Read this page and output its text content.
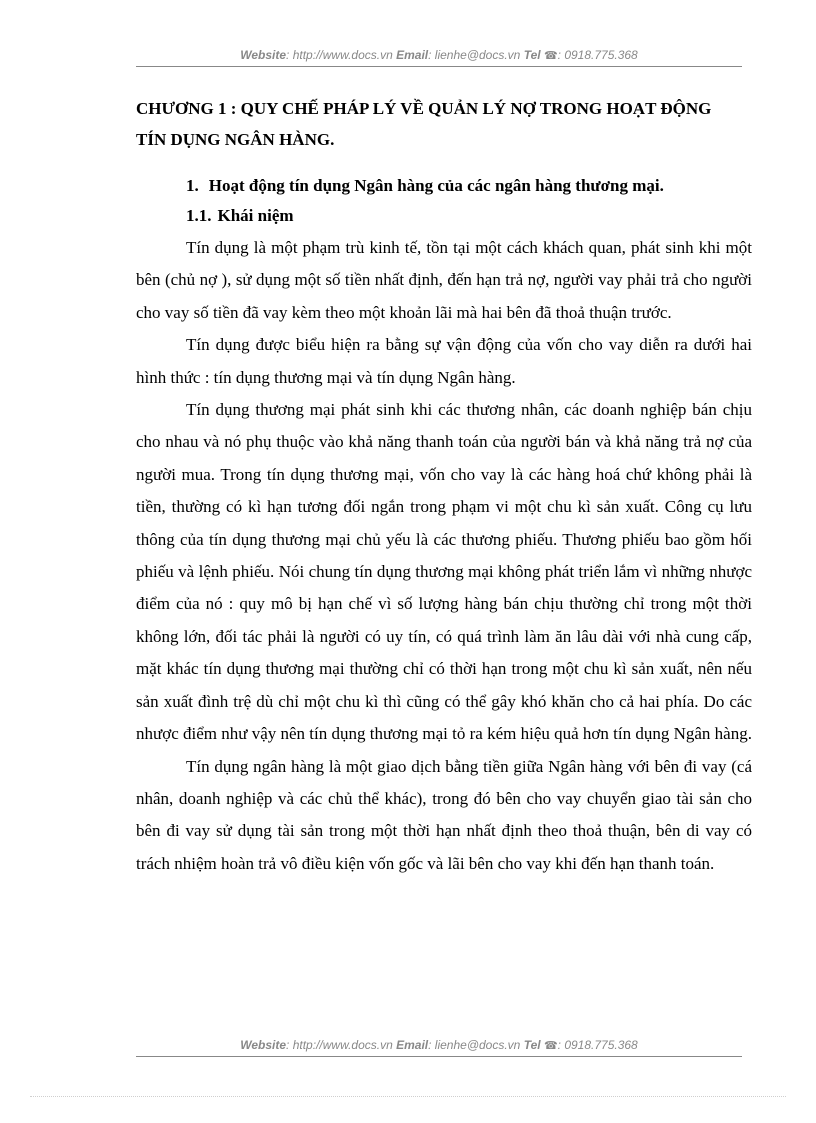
Website: http://www.docs.vn Email: lienhe@docs.vn Tel ☎: 0918.775.368
CHƯƠNG 1 : QUY CHẾ PHÁP LÝ VỀ QUẢN LÝ NỢ TRONG HOẠT ĐỘNG TÍN DỤNG NGÂN HÀNG.
1. Hoạt động tín dụng Ngân hàng của các ngân hàng thương mại.
1.1. Khái niệm

Tín dụng là một phạm trù kinh tế, tồn tại một cách khách quan, phát sinh khi một bên (chủ nợ ), sử dụng một số tiền nhất định, đến hạn trả nợ, người vay phải trả cho người cho vay số tiền đã vay kèm theo một khoản lãi mà hai bên đã thoả thuận trước.

Tín dụng được biểu hiện ra bằng sự vận động của vốn cho vay diễn ra dưới hai hình thức : tín dụng thương mại và tín dụng Ngân hàng.

Tín dụng thương mại phát sinh khi các thương nhân, các doanh nghiệp bán chịu cho nhau và nó phụ thuộc vào khả năng thanh toán của người bán và khả năng trả nợ của người mua. Trong tín dụng thương mại, vốn cho vay là các hàng hoá chứ không phải là tiền, thường có kì hạn tương đối ngắn trong phạm vi một chu kì sản xuất. Công cụ lưu thông của tín dụng thương mại chủ yếu là các thương phiếu. Thương phiếu bao gồm hối phiếu và lệnh phiếu. Nói chung tín dụng thương mại không phát triển lắm vì những nhược điểm của nó : quy mô bị hạn chế vì số lượng hàng bán chịu thường chỉ trong một thời không lớn, đối tác phải là người có uy tín, có quá trình làm ăn lâu dài với nhà cung cấp, mặt khác tín dụng thương mại thường chỉ có thời hạn trong một chu kì sản xuất, nên nếu sản xuất đình trệ dù chỉ một chu kì thì cũng có thể gây khó khăn cho cả hai phía. Do các nhược điểm như vậy nên tín dụng thương mại tỏ ra kém hiệu quả hơn tín dụng Ngân hàng.

Tín dụng ngân hàng là một giao dịch bằng tiền giữa Ngân hàng với bên đi vay (cá nhân, doanh nghiệp và các chủ thể khác), trong đó bên cho vay chuyển giao tài sản cho bên đi vay sử dụng tài sản trong một thời hạn nhất định theo thoả thuận, bên di vay có trách nhiệm hoàn trả vô điều kiện vốn gốc và lãi bên cho vay khi đến hạn thanh toán.

Website: http://www.docs.vn Email: lienhe@docs.vn Tel ☎: 0918.775.368
